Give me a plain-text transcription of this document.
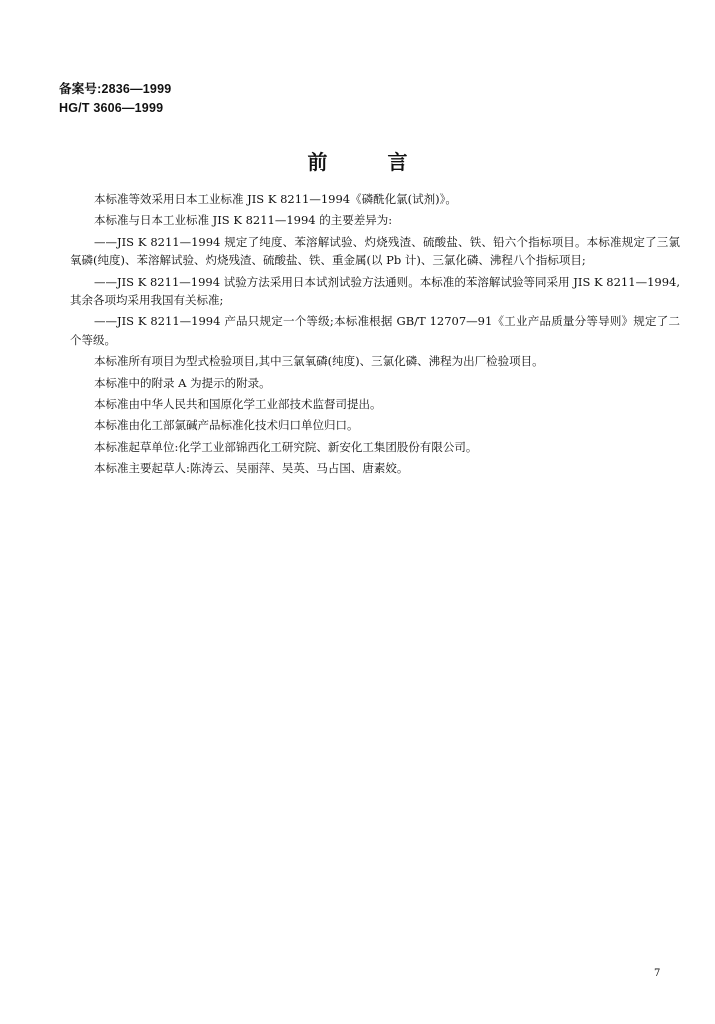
备案号:2836—1999
HG/T 3606—1999
前言

本标准等效采用日本工业标准 JIS K 8211—1994《磷酰化氯(试剂)》。

本标准与日本工业标准 JIS K 8211—1994 的主要差异为:

——JIS K 8211—1994 规定了纯度、苯溶解试验、灼烧残渣、硫酸盐、铁、铅六个指标项目。本标准规定了三氯氧磷(纯度)、苯溶解试验、灼烧残渣、硫酸盐、铁、重金属(以 Pb 计)、三氯化磷、沸程八个指标项目;

——JIS K 8211—1994 试验方法采用日本试剂试验方法通则。本标准的苯溶解试验等同采用 JIS K 8211—1994,其余各项均采用我国有关标准;

——JIS K 8211—1994 产品只规定一个等级;本标准根据 GB/T 12707—91《工业产品质量分等导则》规定了二个等级。

本标准所有项目为型式检验项目,其中三氯氧磷(纯度)、三氯化磷、沸程为出厂检验项目。

本标准中的附录 A 为提示的附录。

本标准由中华人民共和国原化学工业部技术监督司提出。

本标准由化工部氯碱产品标准化技术归口单位归口。

本标准起草单位:化学工业部锦西化工研究院、新安化工集团股份有限公司。

本标准主要起草人:陈涛云、吴丽萍、吴英、马占国、唐素姣。

7
